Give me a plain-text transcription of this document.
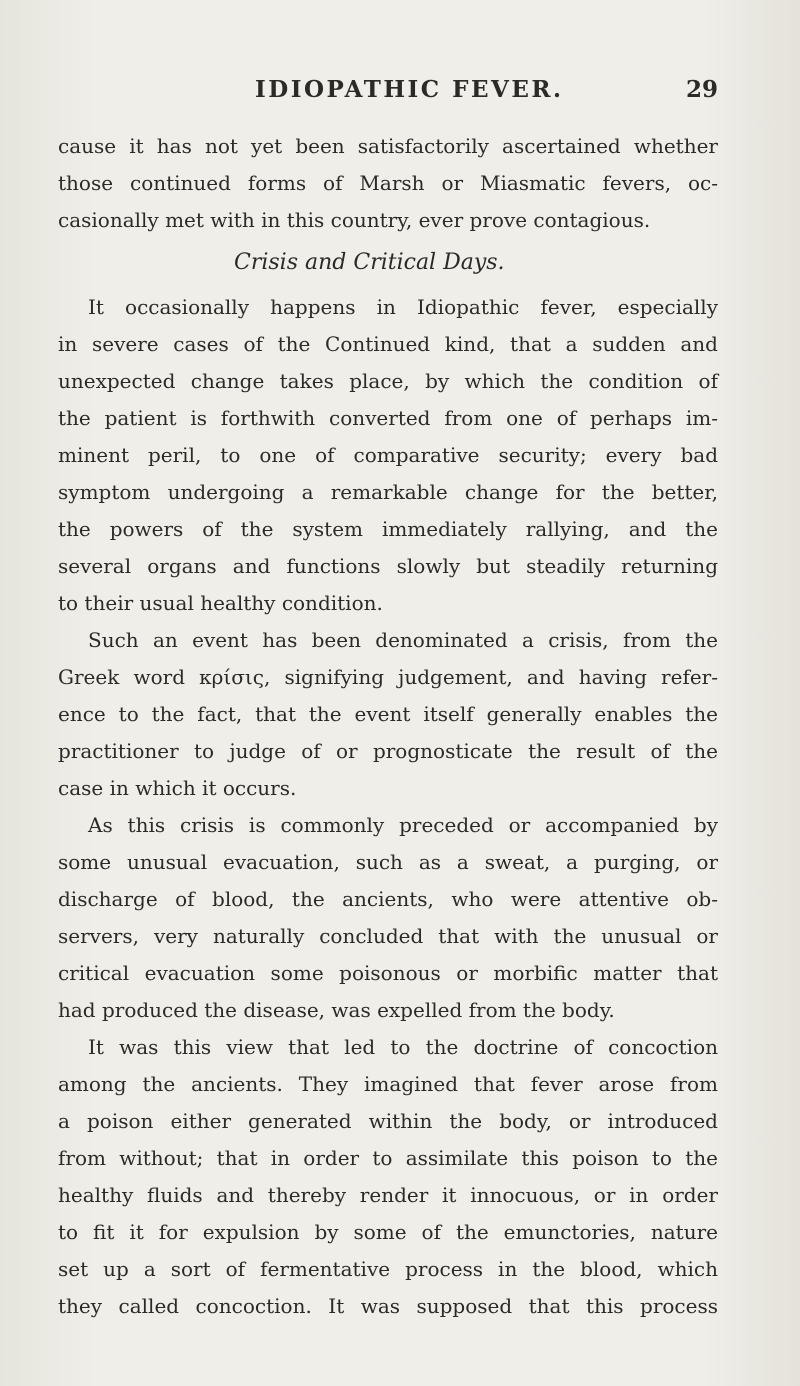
IDIOPATHIC FEVER.	29
cause it has not yet been satisfactorily ascertained whether
those continued forms of Marsh or Miasmatic fevers, oc-
casionally met with in this country, ever prove contagious.
Crisis and Critical Days.
It occasionally happens in Idiopathic fever, especially
in severe cases of the Continued kind, that a sudden and
unexpected change takes place, by which the condition of
the patient is forthwith converted from one of perhaps im-
minent peril, to one of comparative security; every bad
symptom undergoing a remarkable change for the better,
the powers of the system immediately rallying, and the
several organs and functions slowly but steadily returning
to their usual healthy condition.
Such an event has been denominated a crisis, from the
Greek word κρίσις, signifying judgement, and having refer-
ence to the fact, that the event itself generally enables the
practitioner to judge of or prognosticate the result of the
case in which it occurs.
As this crisis is commonly preceded or accompanied by
some unusual evacuation, such as a sweat, a purging, or
discharge of blood, the ancients, who were attentive ob-
servers, very naturally concluded that with the unusual or
critical evacuation some poisonous or morbific matter that
had produced the disease, was expelled from the body.
It was this view that led to the doctrine of concoction
among the ancients. They imagined that fever arose from
a poison either generated within the body, or introduced
from without; that in order to assimilate this poison to the
healthy fluids and thereby render it innocuous, or in order
to fit it for expulsion by some of the emunctories, nature
set up a sort of fermentative process in the blood, which
they called concoction. It was supposed that this process
